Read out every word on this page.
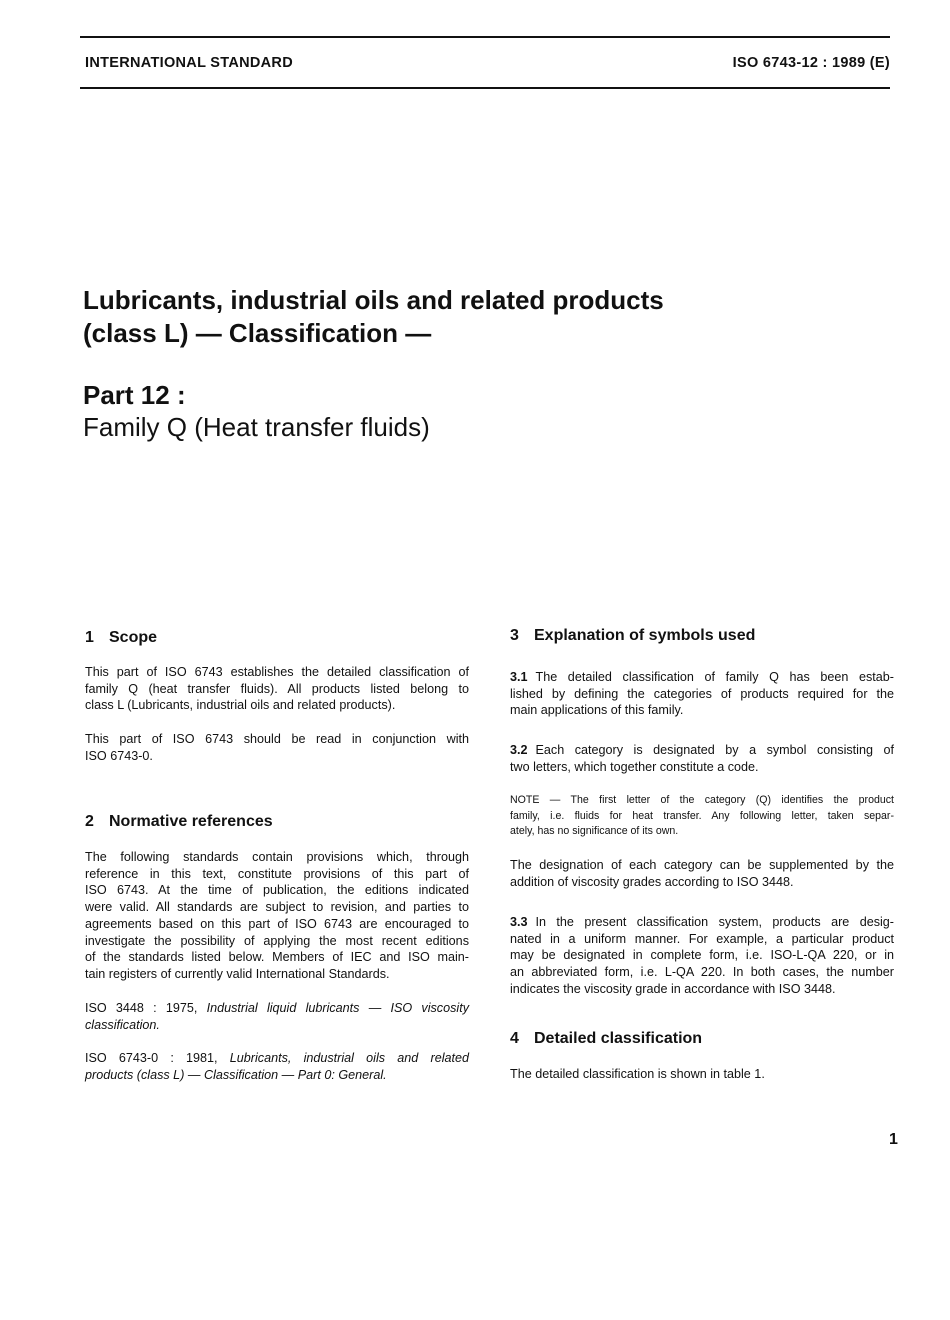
INTERNATIONAL STANDARD	ISO 6743-12 : 1989 (E)
Lubricants, industrial oils and related products
(class L) — Classification —
Part 12 :
Family Q (Heat transfer fluids)
1 Scope
This part of ISO 6743 establishes the detailed classification of
family Q (heat transfer fluids). All products listed belong to
class L (Lubricants, industrial oils and related products).
This part of ISO 6743 should be read in conjunction with
ISO 6743-0.
2 Normative references
The following standards contain provisions which, through
reference in this text, constitute provisions of this part of
ISO 6743. At the time of publication, the editions indicated
were valid. All standards are subject to revision, and parties to
agreements based on this part of ISO 6743 are encouraged to
investigate the possibility of applying the most recent editions
of the standards listed below. Members of IEC and ISO main-
tain registers of currently valid International Standards.
ISO 3448 : 1975, Industrial liquid lubricants — ISO viscosity
classification.
ISO 6743-0 : 1981, Lubricants, industrial oils and related
products (class L) — Classification — Part 0: General.
3 Explanation of symbols used
3.1 The detailed classification of family Q has been estab-
lished by defining the categories of products required for the
main applications of this family.
3.2 Each category is designated by a symbol consisting of
two letters, which together constitute a code.
NOTE — The first letter of the category (Q) identifies the product
family, i.e. fluids for heat transfer. Any following letter, taken separ-
ately, has no significance of its own.
The designation of each category can be supplemented by the
addition of viscosity grades according to ISO 3448.
3.3 In the present classification system, products are desig-
nated in a uniform manner. For example, a particular product
may be designated in complete form, i.e. ISO-L-QA 220, or in
an abbreviated form, i.e. L-QA 220. In both cases, the number
indicates the viscosity grade in accordance with ISO 3448.
4 Detailed classification
The detailed classification is shown in table 1.
1
